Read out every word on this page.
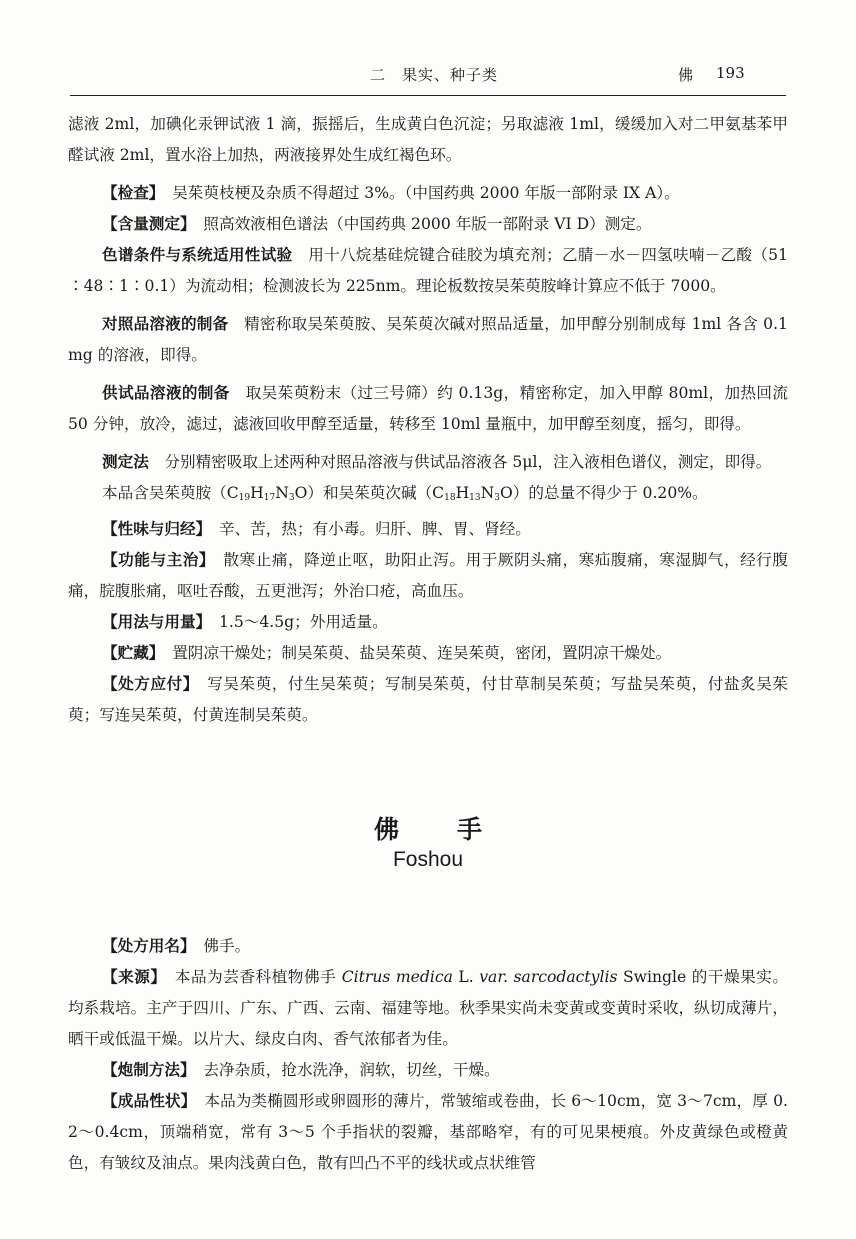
二　果实、种子类	佛 193

滤液 2ml，加碘化汞钾试液 1 滴，振摇后，生成黄白色沉淀；另取滤液 1ml，缓缓加入对二甲氨基苯甲醛试液 2ml，置水浴上加热，两液接界处生成红褐色环。

【检查】　 吴茱萸枝梗及杂质不得超过 3%。（中国药典 2000 年版一部附录 IX A）。

【含量测定】　 照高效液相色谱法（中国药典 2000 年版一部附录 VI D）测定。

色谱条件与系统适用性试验　 用十八烷基硅烷键合硅胶为填充剂；乙腈－水－四氢呋喃－乙酸（51∶48∶1∶0.1）为流动相；检测波长为 225nm。理论板数按吴茱萸胺峰计算应不低于 7000。

对照品溶液的制备　 精密称取吴茱萸胺、吴茱萸次碱对照品适量，加甲醇分别制成每 1ml 各含 0.1mg 的溶液，即得。

供试品溶液的制备　 取吴茱萸粉末（过三号筛）约 0.13g，精密称定，加入甲醇 80ml，加热回流 50 分钟，放冷，滤过，滤液回收甲醇至适量，转移至 10ml 量瓶中，加甲醇至刻度，摇匀，即得。

测定法　 分别精密吸取上述两种对照品溶液与供试品溶液各 5μl，注入液相色谱仪，测定，即得。

本品含吴茱萸胺$(C_{19}H_{17}N_3O)$和吴茱萸次碱$(C_{18}H_{13}N_3O)$的总量不得少于 0.20%。

【性味与归经】　 辛、苦，热；有小毒。归肝、脾、胃、肾经。

【功能与主治】　 散寒止痛，降逆止呕，助阳止泻。用于厥阴头痛，寒疝腹痛，寒湿脚气，经行腹痛，脘腹胀痛，呕吐吞酸，五更泄泻；外治口疮，高血压。

【用法与用量】　 1.5～4.5g；外用适量。

【贮藏】　 置阴凉干燥处；制吴茱萸、盐吴茱萸、连吴茱萸，密闭，置阴凉干燥处。

【处方应付】　 写吴茱萸，付生吴茱萸；写制吴茱萸，付甘草制吴茱萸；写盐吴茱萸，付盐炙吴茱萸；写连吴茱萸，付黄连制吴茱萸。

佛手
Foshou

【处方用名】　 佛手。

【来源】　 本品为芸香科植物佛手 Citrus medica L. var. sarcodactylis Swingle 的干燥果实。均系栽培。主产于四川、广东、广西、云南、福建等地。秋季果实尚未变黄或变黄时采收，纵切成薄片，晒干或低温干燥。以片大、绿皮白肉、香气浓郁者为佳。

【炮制方法】　 去净杂质，抢水洗净，润软，切丝，干燥。

【成品性状】　 本品为类椭圆形或卵圆形的薄片，常皱缩或卷曲，长 6～10cm，宽 3～7cm，厚 0.2～0.4cm，顶端稍宽，常有 3～5 个手指状的裂瓣，基部略窄，有的可见果梗痕。外皮黄绿色或橙黄色，有皱纹及油点。果肉浅黄白色，散有凹凸不平的线状或点状维管
